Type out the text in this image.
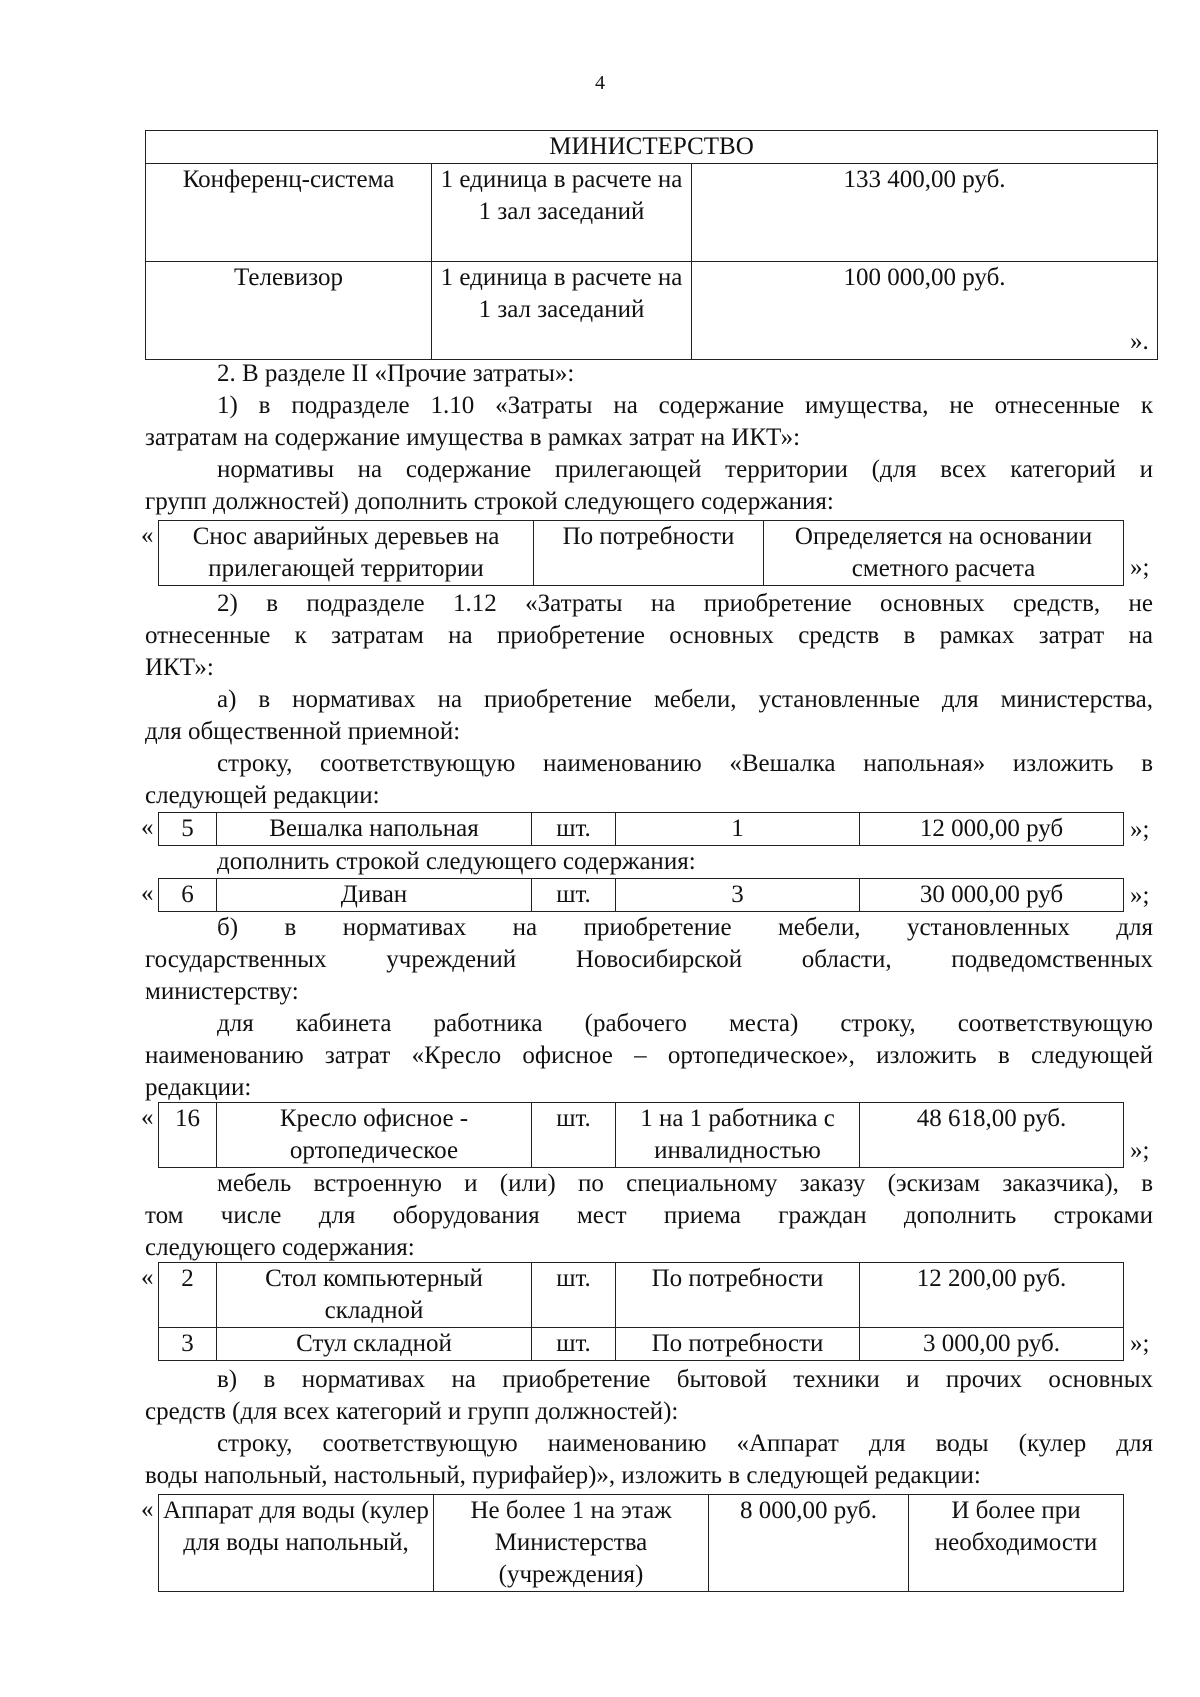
4
МИНИСТЕРСТВО		
Конференц-система	1 единица в расчете на 1 зал заседаний	133 400,00 руб.
Телевизор	1 единица в расчете на 1 зал заседаний	100 000,00 руб.
».
2. В разделе II «Прочие затраты»:
1) в подразделе 1.10 «Затраты на содержание имущества, не отнесенные к
затратам на содержание имущества в рамках затрат на ИКТ»:
нормативы на содержание прилегающей территории (для всех категорий и
групп должностей) дополнить строкой следующего содержания:
« Снос аварийных деревьев на прилегающей территории	По потребности	Определяется на основании сметного расчета	»;
2) в подразделе 1.12 «Затраты на приобретение основных средств, не
отнесенные к затратам на приобретение основных средств в рамках затрат на
ИКТ»:
а) в нормативах на приобретение мебели, установленные для министерства,
для общественной приемной:
строку, соответствующую наименованию «Вешалка напольная» изложить в
следующей редакции:
« 5	Вешалка напольная	шт.	1	12 000,00 руб	»;
дополнить строкой следующего содержания:
« 6	Диван	шт.	3	30 000,00 руб	»;
б) в нормативах на приобретение мебели, установленных для
государственных учреждений Новосибирской области, подведомственных
министерству:
для кабинета работника (рабочего места) строку, соответствующую
наименованию затрат «Кресло офисное – ортопедическое», изложить в следующей
редакции:
« 16	Кресло офисное - ортопедическое	шт.	1 на 1 работника с инвалидностью	48 618,00 руб.
»;
мебель встроенную и (или) по специальному заказу (эскизам заказчика), в
том числе для оборудования мест приема граждан дополнить строками
следующего содержания:
« 2	Стол компьютерный складной	шт.	По потребности	12 200,00 руб.
3	Стул складной	шт.	По потребности	3 000,00 руб.	»;
в) в нормативах на приобретение бытовой техники и прочих основных
средств (для всех категорий и групп должностей):
строку, соответствующую наименованию «Аппарат для воды (кулер для
воды напольный, настольный, пурифайер)», изложить в следующей редакции:
« Аппарат для воды (кулер для воды напольный,	Не более 1 на этаж Министерства (учреждения)	8 000,00 руб.	И более при необходимости
